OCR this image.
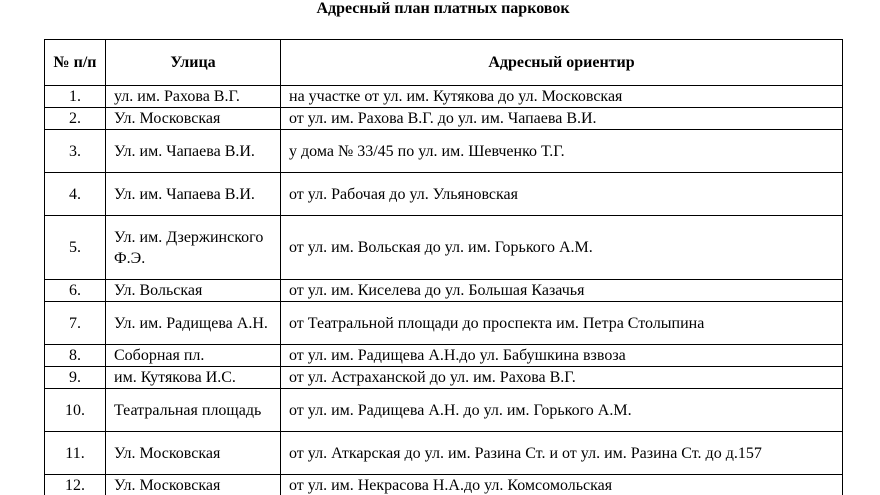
Адресный план платных парковок
№ п/п	Улица	Адресный ориентир
1.	ул. им. Рахова В.Г.	на участке от ул. им. Кутякова до ул. Московская
2.	Ул. Московская	от ул. им. Рахова В.Г. до ул. им. Чапаева В.И.
3.	Ул. им. Чапаева В.И.	у дома № 33/45 по ул. им. Шевченко Т.Г.
4.	Ул. им. Чапаева В.И.	от ул. Рабочая до ул. Ульяновская
5.	Ул. им. Дзержинского Ф.Э.	от ул. им. Вольская до ул. им. Горького А.М.
6.	Ул. Вольская	от ул. им. Киселева до ул. Большая Казачья
7.	Ул. им. Радищева А.Н.	от Театральной площади до проспекта им. Петра Столыпина
8.	Соборная пл.	от ул. им. Радищева А.Н.до ул. Бабушкина взвоза
9.	им. Кутякова И.С.	от ул. Астраханской до ул. им. Рахова В.Г.
10.	Театральная площадь	от ул. им. Радищева А.Н. до ул. им. Горького А.М.
11.	Ул. Московская	от ул. Аткарская до ул. им. Разина Ст. и от ул. им. Разина Ст. до д.157
12.	Ул. Московская	от ул. им. Некрасова Н.А.до ул. Комсомольская
